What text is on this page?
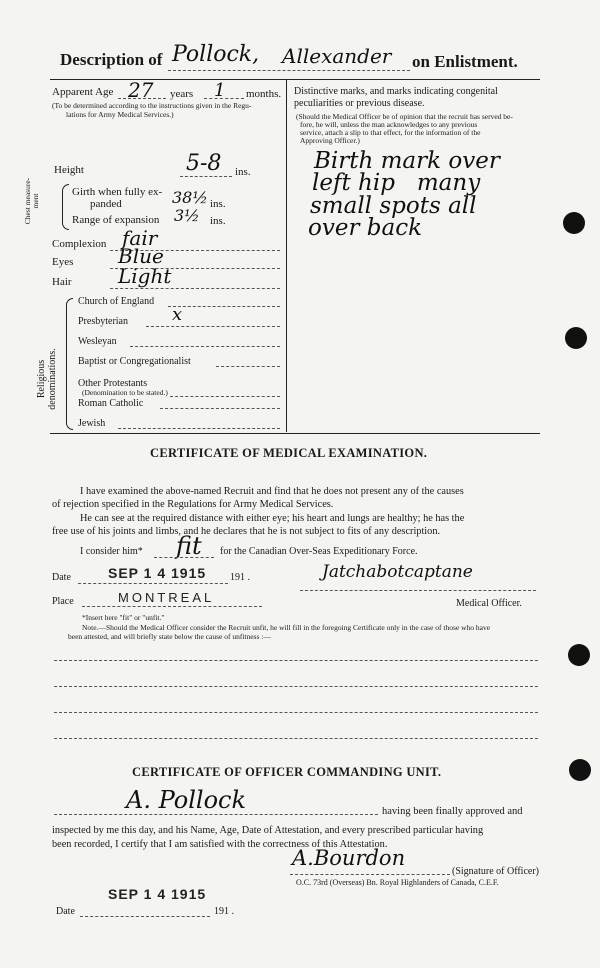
Description of Pollock, Allexander on Enlistment.
Apparent Age 27 years 1 months.
(To be determined according to the instructions given in the Regu-
lations for Army Medical Services.)
Height	5-8 ins.
Chest measure-ment
Girth when fully ex-
panded	38½ ins.
Range of expansion 3½ ins.
Complexion fair
Eyes Blue
Hair Light
Religious denominations.
Church of England
Presbyterian x
Wesleyan
Baptist or Congregationalist
Other Protestants
(Denomination to be stated.)
Roman Catholic
Jewish
Distinctive marks, and marks indicating congenital
peculiarities or previous disease.
(Should the Medical Officer be of opinion that the recruit has served be-
fore, he will, unless the man acknowledges to any previous
service, attach a slip to that effect, for the information of the
Approving Officer.)
Birth mark over
left hip   many
small spots all
over back
CERTIFICATE OF MEDICAL EXAMINATION.
I have examined the above-named Recruit and find that he does not present any of the causes
of rejection specified in the Regulations for Army Medical Services.
He can see at the required distance with either eye; his heart and lungs are healthy; he has the
free use of his joints and limbs, and he declares that he is not subject to fits of any description.
I consider him* fit for the Canadian Over-Seas Expeditionary Force.
Date	SEP 1 4 1915 191 .	Jatchabotcaptane
Place	MONTREAL	Medical Officer.
*Insert here "fit" or "unfit."
Note.—Should the Medical Officer consider the Recruit unfit, he will fill in the foregoing Certificate only in the case of those who have
been attested, and will briefly state below the cause of unfitness :—
CERTIFICATE OF OFFICER COMMANDING UNIT.
A. Pollock	having been finally approved and
inspected by me this day, and his Name, Age, Date of Attestation, and every prescribed particular having
been recorded, I certify that I am satisfied with the correctness of this Attestation.
A.Bourdon
(Signature of Officer)
O.C. 73rd (Overseas) Bn. Royal Highlanders of Canada, C.E.F.
SEP 1 4 1915
Date	191 .
